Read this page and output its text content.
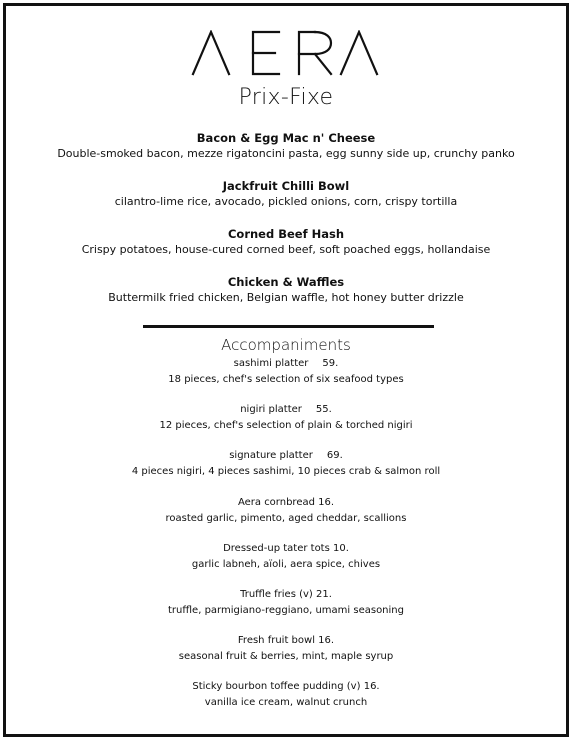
Prix-Fixe
Bacon & Egg Mac n' Cheese
Double-smoked bacon, mezze rigatoncini pasta, egg sunny side up, crunchy panko
Jackfruit Chilli Bowl
cilantro-lime rice, avocado, pickled onions, corn, crispy tortilla
Corned Beef Hash
Crispy potatoes, house-cured corned beef, soft poached eggs, hollandaise
Chicken & Waffles
Buttermilk fried chicken, Belgian waffle, hot honey butter drizzle
Accompaniments
sashimi platter 59.
18 pieces, chef's selection of six seafood types
nigiri platter 55.
12 pieces, chef's selection of plain & torched nigiri
signature platter 69.
4 pieces nigiri, 4 pieces sashimi, 10 pieces crab & salmon roll
Aera cornbread 16.
roasted garlic, pimento, aged cheddar, scallions
Dressed-up tater tots 10.
garlic labneh, aïoli, aera spice, chives
Truffle fries (v) 21.
truffle, parmigiano-reggiano, umami seasoning
Fresh fruit bowl 16.
seasonal fruit & berries, mint, maple syrup
Sticky bourbon toffee pudding (v) 16.
vanilla ice cream, walnut crunch
